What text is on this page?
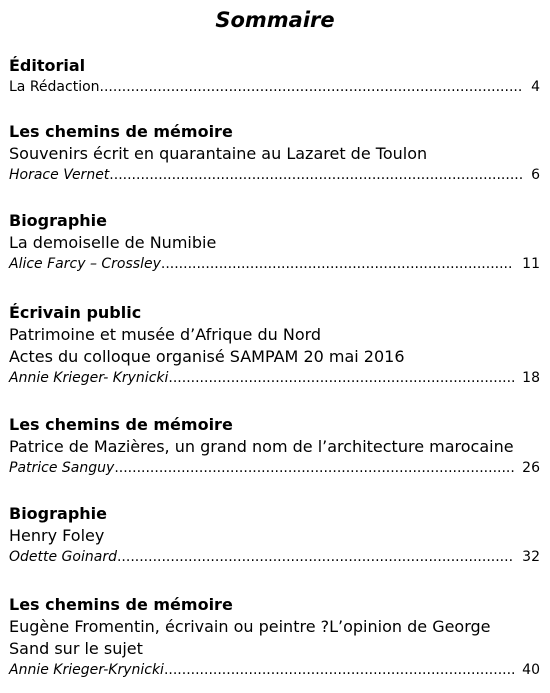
Sommaire
Éditorial
La Rédaction .....	4
Les chemins de mémoire
Souvenirs écrit en quarantaine au Lazaret de Toulon
Horace Vernet .....	6
Biographie
La demoiselle de Numibie
Alice Farcy – Crossley .....	11
Écrivain public
Patrimoine et musée d’Afrique du Nord
Actes du colloque organisé SAMPAM 20 mai 2016
Annie Krieger- Krynicki .....	18
Les chemins de mémoire
Patrice de Mazières, un grand nom de l’architecture marocaine
Patrice Sanguy .....	26
Biographie
Henry Foley
Odette Goinard .....	32
Les chemins de mémoire
Eugène Fromentin, écrivain ou peintre ?L’opinion de George
Sand sur le sujet
Annie Krieger-Krynicki .....	40
